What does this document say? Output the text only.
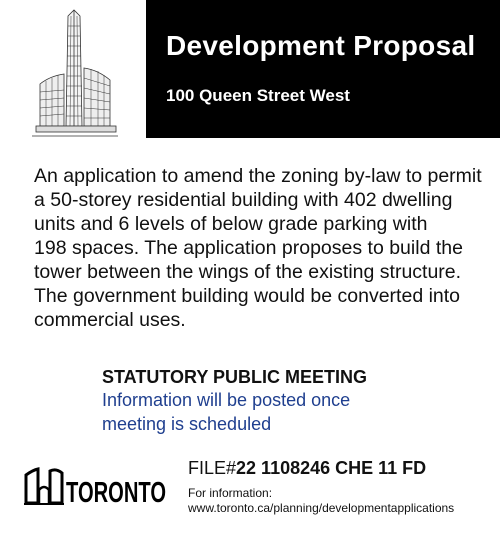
Development Proposal
100 Queen Street West

An application to amend the zoning by-law to permit
a 50-storey residential building with 402 dwelling
units and 6 levels of below grade parking with
198 spaces. The application proposes to build the
tower between the wings of the existing structure.
The government building would be converted into
commercial uses.

STATUTORY PUBLIC MEETING
Information will be posted once
meeting is scheduled
TORONTO
FILE#22 1108246 CHE 11 FD
For information:
www.toronto.ca/planning/developmentapplications
